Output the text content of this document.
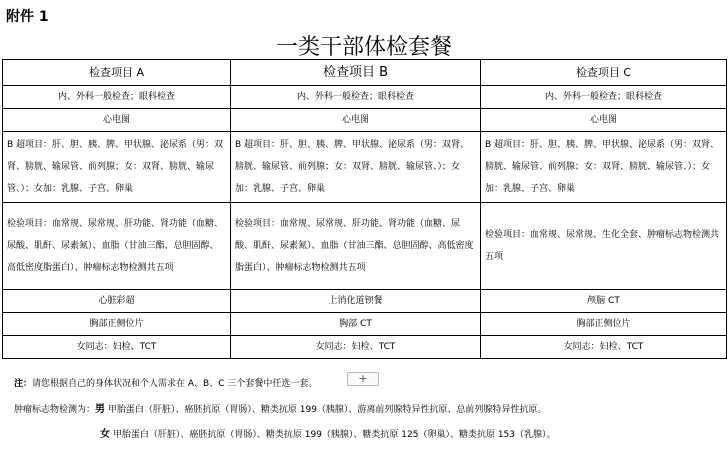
附件 1
一类干部体检套餐
检查项目 A	检查项目 B	检查项目 C
内、外科一般检查；眼科检查	内、外科一般检查；眼科检查	内、外科一般检查；眼科检查
心电图	心电图	心电图
B 超项目：肝、胆、胰、脾、甲状腺、泌尿系（男：双肾、膀胱、输尿管、前列腺；女：双肾、膀胱、输尿管、）；女加：乳腺、子宫、卵巢	B 超项目：肝、胆、胰、脾、甲状腺、泌尿系（男：双肾、膀胱、输尿管、前列腺；女：双肾、膀胱、输尿管、）；女加：乳腺、子宫、卵巢	B 超项目：肝、胆、胰、脾、甲状腺、泌尿系（男：双肾、膀胱、输尿管、前列腺；女：双肾、膀胱、输尿管、）；女加：乳腺、子宫、卵巢
检验项目：血常规、尿常规、肝功能、肾功能（血糖、尿酸、肌酐、尿素氮）、血脂（甘油三酯、总胆固醇、高低密度脂蛋白）、肿瘤标志物检测共五项	检验项目：血常规、尿常规、肝功能、肾功能（血糖、尿酸、肌酐、尿素氮）、血脂（甘油三酯、总胆固醇、高低密度脂蛋白）、肿瘤标志物检测共五项	检验项目：血常规、尿常规、生化全套、肿瘤标志物检测共五项
心脏彩超	上消化道钡餐	颅脑 CT
胸部正侧位片	胸部 CT	胸部正侧位片
女同志：妇检、TCT	女同志：妇检、TCT	女同志：妇检、TCT
注：请您根据自己的身体状况和个人需求在 A、B、C 三个套餐中任选一套。	+
肿瘤标志物检测为：男 甲胎蛋白（肝脏）、癌胚抗原（胃肠）、糖类抗原 199（胰腺）、游离前列腺特异性抗原、总前列腺特异性抗原。
女 甲胎蛋白（肝脏）、癌胚抗原（胃肠）、糖类抗原 199（胰腺）、糖类抗原 125（卵巢）、糖类抗原 153（乳腺）。
